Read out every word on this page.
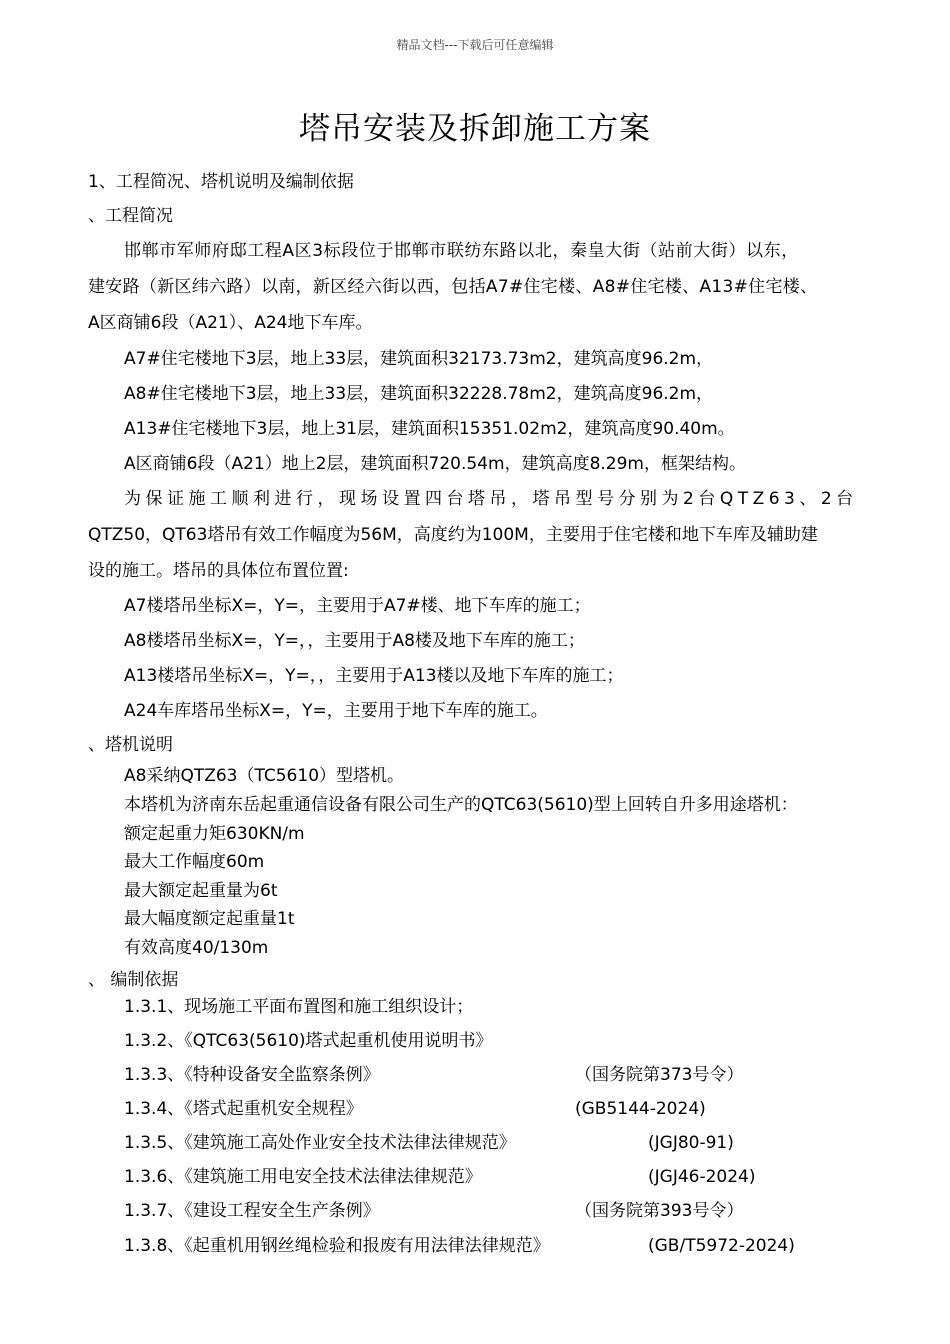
精品文档---下载后可任意编辑
塔吊安装及拆卸施工方案
1、工程简况、塔机说明及编制依据
、工程简况
邯郸市军师府邸工程A区3标段位于邯郸市联纺东路以北，秦皇大街（站前大街）以东，
建安路（新区纬六路）以南，新区经六街以西，包括A7#住宅楼、A8#住宅楼、A13#住宅楼、
A区商铺6段（A21）、A24地下车库。
A7#住宅楼地下3层，地上33层，建筑面积32173.73m2，建筑高度96.2m，
A8#住宅楼地下3层，地上33层，建筑面积32228.78m2，建筑高度96.2m，
A13#住宅楼地下3层，地上31层，建筑面积15351.02m2，建筑高度90.40m。
A区商铺6段（A21）地上2层，建筑面积720.54m，建筑高度8.29m，框架结构。
为保证施工顺利进行，现场设置四台塔吊，塔吊型号分别为2台QTZ63、2台
QTZ50，QT63塔吊有效工作幅度为56M，高度约为100M，主要用于住宅楼和地下车库及辅助建
设的施工。塔吊的具体位布置位置:
A7楼塔吊坐标X=，Y=，主要用于A7#楼、地下车库的施工；
A8楼塔吊坐标X=，Y=，，主要用于A8楼及地下车库的施工；
A13楼塔吊坐标X=，Y=，，主要用于A13楼以及地下车库的施工；
A24车库塔吊坐标X=，Y=，主要用于地下车库的施工。
、塔机说明
A8采纳QTZ63（TC5610）型塔机。
本塔机为济南东岳起重通信设备有限公司生产的QTC63(5610)型上回转自升多用途塔机：
额定起重力矩630KN/m
最大工作幅度60m
最大额定起重量为6t
最大幅度额定起重量1t
有效高度40/130m
、 编制依据
1.3.1、现场施工平面布置图和施工组织设计；
1.3.2、《QTC63(5610)塔式起重机使用说明书》
1.3.3、《特种设备安全监察条例》	（国务院第373号令）
1.3.4、《塔式起重机安全规程》	(GB5144-2024)
1.3.5、《建筑施工高处作业安全技术法律法律规范》	(JGJ80-91)
1.3.6、《建筑施工用电安全技术法律法律规范》	(JGJ46-2024)
1.3.7、《建设工程安全生产条例》	（国务院第393号令）
1.3.8、《起重机用钢丝绳检验和报废有用法律法律规范》	(GB/T5972-2024)
